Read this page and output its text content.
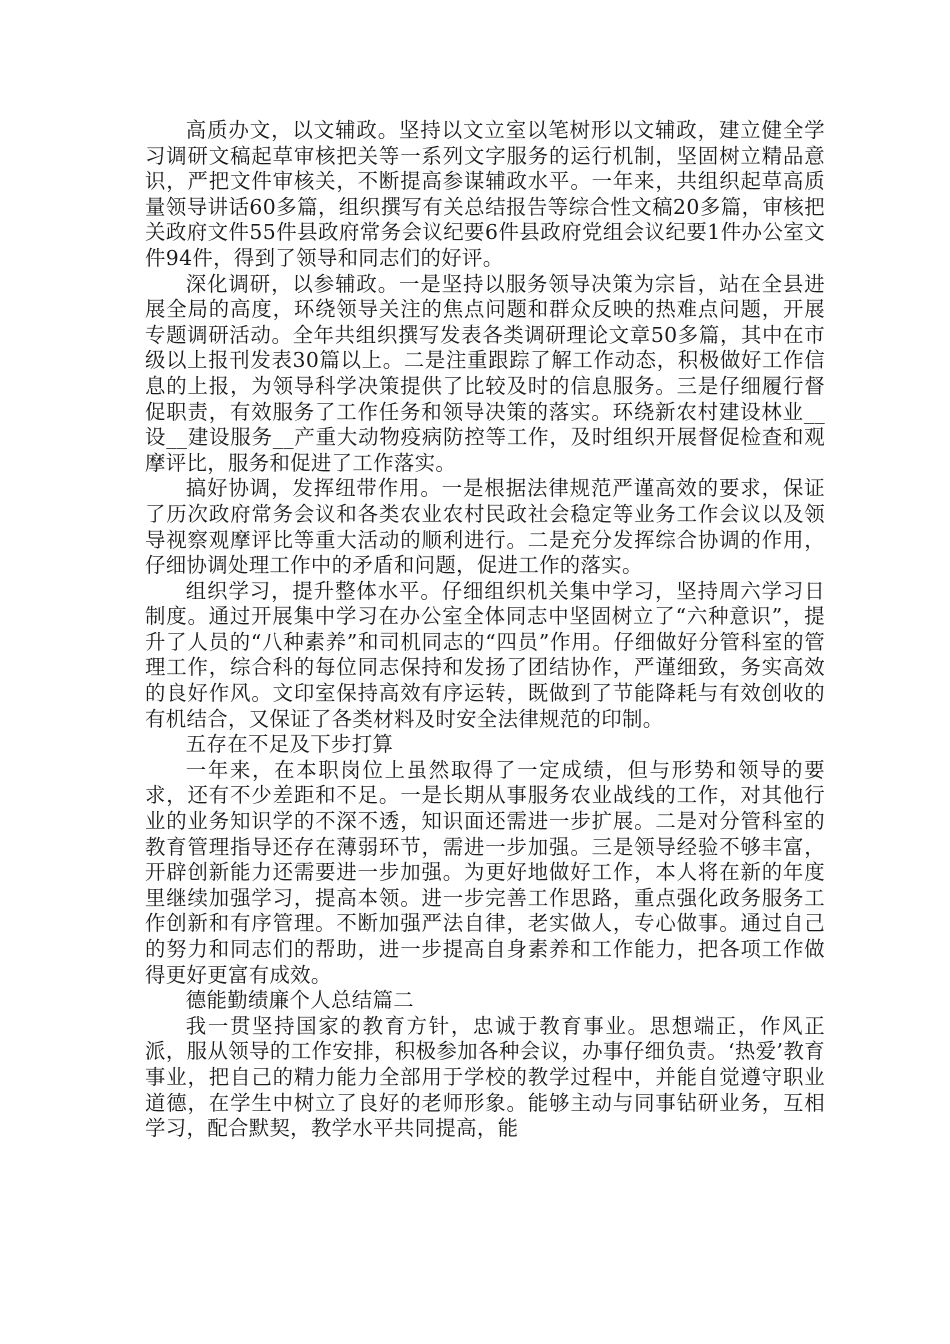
高质办文，以文辅政。坚持以文立室以笔树形以文辅政，建立健全学习调研文稿起草审核把关等一系列文字服务的运行机制，坚固树立精品意识，严把文件审核关，不断提高参谋辅政水平。一年来，共组织起草高质量领导讲话60多篇，组织撰写有关总结报告等综合性文稿20多篇，审核把关政府文件55件县政府常务会议纪要6件县政府党组会议纪要1件办公室文件94件，得到了领导和同志们的好评。

深化调研，以参辅政。一是坚持以服务领导决策为宗旨，站在全县进展全局的高度，环绕领导关注的焦点问题和群众反映的热难点问题，开展专题调研活动。全年共组织撰写发表各类调研理论文章50多篇，其中在市级以上报刊发表30篇以上。二是注重跟踪了解工作动态，积极做好工作信息的上报，为领导科学决策提供了比较及时的信息服务。三是仔细履行督促职责，有效服务了工作任务和领导决策的落实。环绕新农村建设林业__设__建设服务__产重大动物疫病防控等工作，及时组织开展督促检查和观摩评比，服务和促进了工作落实。

搞好协调，发挥纽带作用。一是根据法律规范严谨高效的要求，保证了历次政府常务会议和各类农业农村民政社会稳定等业务工作会议以及领导视察观摩评比等重大活动的顺利进行。二是充分发挥综合协调的作用，仔细协调处理工作中的矛盾和问题，促进工作的落实。

组织学习，提升整体水平。仔细组织机关集中学习，坚持周六学习日制度。通过开展集中学习在办公室全体同志中坚固树立了“六种意识”，提升了人员的“八种素养”和司机同志的“四员”作用。仔细做好分管科室的管理工作，综合科的每位同志保持和发扬了团结协作，严谨细致，务实高效的良好作风。文印室保持高效有序运转，既做到了节能降耗与有效创收的有机结合，又保证了各类材料及时安全法律规范的印制。

五存在不足及下步打算

一年来，在本职岗位上虽然取得了一定成绩，但与形势和领导的要求，还有不少差距和不足。一是长期从事服务农业战线的工作，对其他行业的业务知识学的不深不透，知识面还需进一步扩展。二是对分管科室的教育管理指导还存在薄弱环节，需进一步加强。三是领导经验不够丰富，开辟创新能力还需要进一步加强。为更好地做好工作，本人将在新的年度里继续加强学习，提高本领。进一步完善工作思路，重点强化政务服务工作创新和有序管理。不断加强严法自律，老实做人，专心做事。通过自己的努力和同志们的帮助，进一步提高自身素养和工作能力，把各项工作做得更好更富有成效。

德能勤绩廉个人总结篇二

我一贯坚持国家的教育方针，忠诚于教育事业。思想端正，作风正派，服从领导的工作安排，积极参加各种会议，办事仔细负责。‘热爱’教育事业，把自己的精力能力全部用于学校的教学过程中，并能自觉遵守职业道德，在学生中树立了良好的老师形象。能够主动与同事钻研业务，互相学习，配合默契，教学水平共同提高，能
